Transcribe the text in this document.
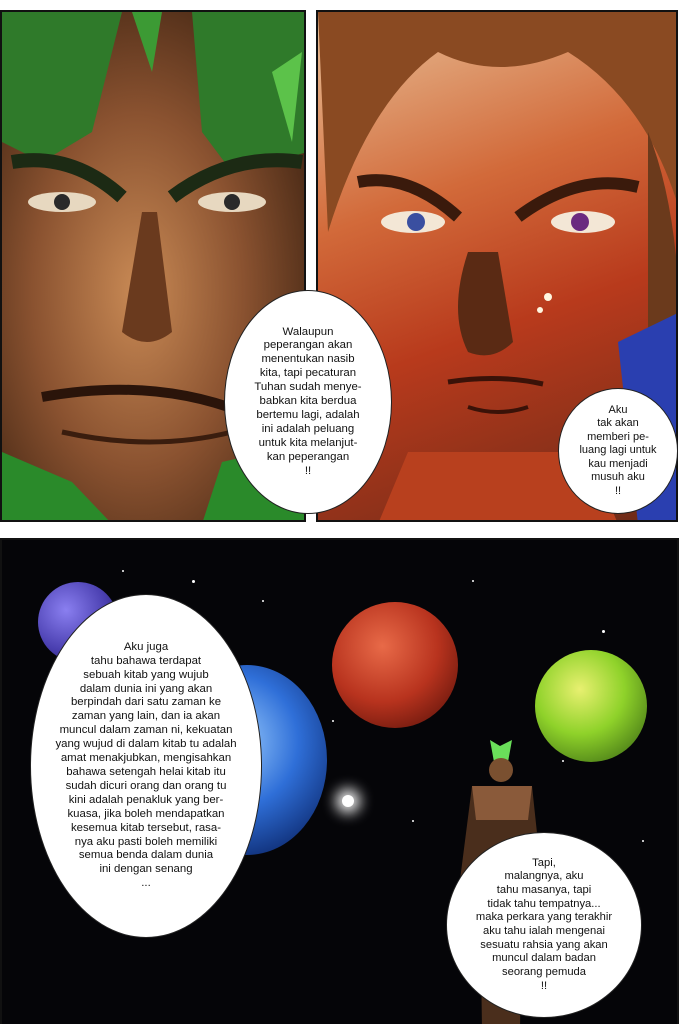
Walaupun
peperangan akan
menentukan nasib
kita, tapi pecaturan
Tuhan sudah menye-
babkan kita berdua
bertemu lagi, adalah
ini adalah peluang
untuk kita melanjut-
kan peperangan
!!
Aku
tak akan
memberi pe-
luang lagi untuk
kau menjadi
musuh aku
!!
Aku juga
tahu bahawa terdapat
sebuah kitab yang wujub
dalam dunia ini yang akan
berpindah dari satu zaman ke
zaman yang lain, dan ia akan
muncul dalam zaman ni, kekuatan
yang wujud di dalam kitab tu adalah
amat menakjubkan, mengisahkan
bahawa setengah helai kitab itu
sudah dicuri orang dan orang tu
kini adalah penakluk yang ber-
kuasa, jika boleh mendapatkan
kesemua kitab tersebut, rasa-
nya aku pasti boleh memiliki
semua benda dalam dunia
ini dengan senang
...
Tapi,
malangnya, aku
tahu masanya, tapi
tidak tahu tempatnya...
maka perkara yang terakhir
aku tahu ialah mengenai
sesuatu rahsia yang akan
muncul dalam badan
seorang pemuda
!!
